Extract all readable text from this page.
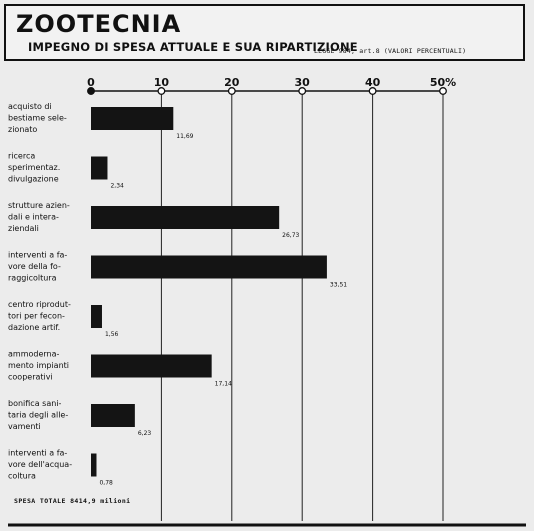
ZOOTECNIA
IMPEGNO DI SPESA ATTUALE E SUA RIPARTIZIONE
LEGGE 984, art.8 (VALORI PERCENTUALI)
0	10	20	30	40	50%
acquisto di
bestiame sele-
zionato
11,69
ricerca
sperimentaz.
divulgazione
2,34
strutture azien-
dali e intera-
ziendali
26,73
interventi a fa-
vore della fo-
raggicoltura
33,51
centro riprodut-
tori per fecon-
dazione artif.
1,56
ammoderna-
mento impianti
cooperativi
17,14
bonifica sani-
taria degli alle-
vamenti
6,23
interventi a fa-
vore dell'acqua-
coltura
0,78
SPESA TOTALE 8414,9 milioni
